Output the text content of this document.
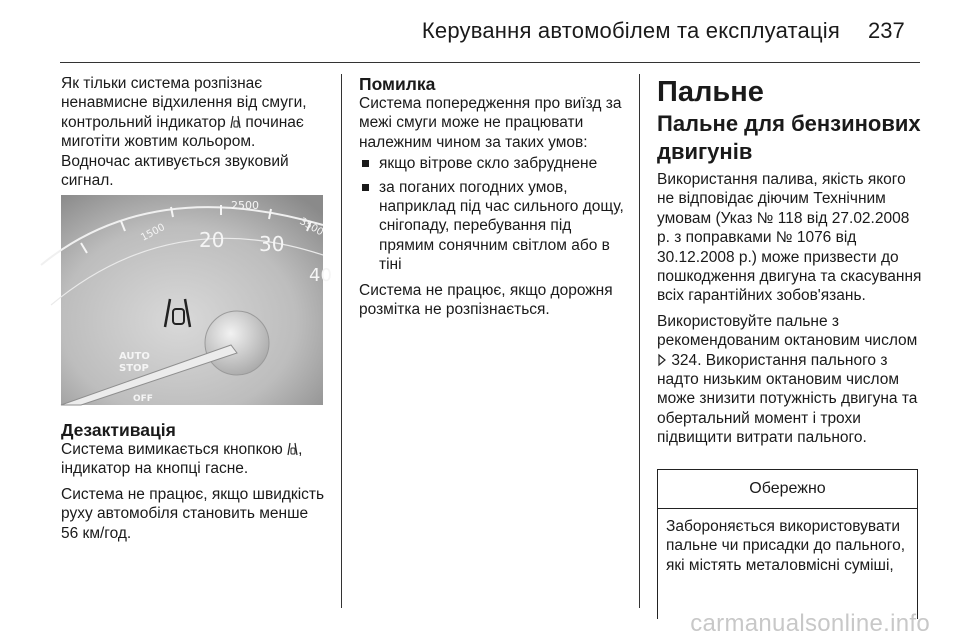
Керування автомобілем та експлуатація 237

Як тільки система розпізнає ненавмисне відхилення від смуги, контрольний індикатор починає миготіти жовтим кольором.

Водночас активується звуковий сигнал.

2500
1500 20 30
3500
40
AUTO
STOP
OFF

Дезактивація

Система вимикається кнопкою , індикатор на кнопці гасне.

Система не працює, якщо швидкість руху автомобіля становить менше 56 км/год.

Помилка

Система попередження про виїзд за межі смуги може не працювати належним чином за таких умов:

якщо вітрове скло забруднене
за поганих погодних умов, наприклад під час сильного дощу, снігопаду, перебування під прямим сонячним світлом або в тіні

Система не працює, якщо дорожня розмітка не розпізнається.

Пальне

Пальне для бензинових двигунів

Використання палива, якість якого не відповідає діючим Технічним умовам (Указ № 118 від 27.02.2008 р. з поправками № 1076 від 30.12.2008 р.) може призвести до пошкодження двигуна та скасування всіх гарантійних зобов'язань.

Використовуйте пальне з рекомендованим октановим числом  324. Використання пального з надто низьким октановим числом може знизити потужність двигуна та обертальний момент і трохи підвищити витрати пального.

Обережно
Забороняється використовувати пальне чи присадки до пального, які містять металовмісні суміші,
carmanualsonline.info
